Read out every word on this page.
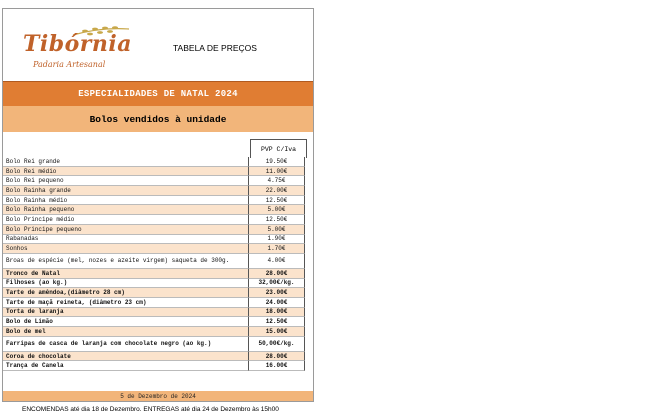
Tibórnia
Padaria Artesanal
TABELA DE PREÇOS
ESPECIALIDADES DE NATAL 2024
Bolos vendidos à unidade
PVP C/Iva
Bolo Rei grande	19.50€
Bolo Rei médio	11.00€
Bolo Rei pequeno	4.75€
Bolo Rainha grande	22.00€
Bolo Rainha médio	12.50€
Bolo Rainha pequeno	5.00€
Bolo Principe médio	12.50€
Bolo Principe pequeno	5.00€
Rabanadas	1.90€
Sonhos	1.70€
Broas de espécie (mel, nozes e azeite virgem) saqueta de 300g.	4.00€
Tronco de Natal	28.00€
Filhoses (ao kg.)	32,00€/kg.
Tarte de amêndoa,(diâmetro 28 cm)	23.00€
Tarte de maçã reineta, (diâmetro 23 cm)	24.00€
Torta de laranja	18.00€
Bolo de Limão	12.50€
Bolo de mel	15.00€
Farripas de casca de laranja com chocolate negro (ao kg.)	50,00€/kg.
Coroa de chocolate	28.00€
Trança de Canela	16.00€
5 de Dezembro de 2024
ENCOMENDAS até dia 18 de Dezembro. ENTREGAS até dia 24 de Dezembro às 15h00
